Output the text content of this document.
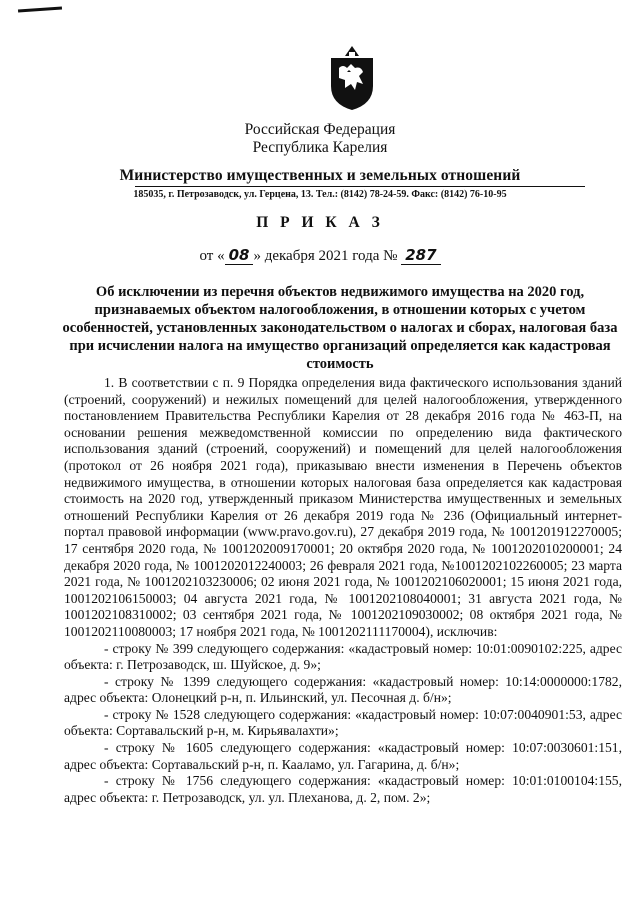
Российская Федерация
Республика Карелия
Министерство имущественных и земельных отношений
185035, г. Петрозаводск, ул. Герцена, 13. Тел.: (8142) 78-24-59. Факс: (8142) 76-10-95
П Р И К А З
от « 08 » декабря 2021 года № 287
Об исключении из перечня объектов недвижимого имущества на 2020 год, признаваемых объектом налогообложения, в отношении которых с учетом особенностей, установленных законодательством о налогах и сборах, налоговая база при исчислении налога на имущество организаций определяется как кадастровая стоимость

1. В соответствии с п. 9 Порядка определения вида фактического использования зданий (строений, сооружений) и нежилых помещений для целей налогообложения, утвержденного постановлением Правительства Республики Карелия от 28 декабря 2016 года № 463-П, на основании решения межведомственной комиссии по определению вида фактического использования зданий (строений, сооружений) и помещений для целей налогообложения (протокол от 26 ноября 2021 года), приказываю внести изменения в Перечень объектов недвижимого имущества, в отношении которых налоговая база определяется как кадастровая стоимость на 2020 год, утвержденный приказом Министерства имущественных и земельных отношений Республики Карелия от 26 декабря 2019 года № 236 (Официальный интернет-портал правовой информации (www.pravo.gov.ru), 27 декабря 2019 года, № 1001201912270005; 17 сентября 2020 года, № 1001202009170001; 20 октября 2020 года, № 1001202010200001; 24 декабря 2020 года, № 1001202012240003; 26 февраля 2021 года, №1001202102260005; 23 марта 2021 года, № 1001202103230006; 02 июня 2021 года, № 1001202106020001; 15 июня 2021 года, 1001202106150003; 04 августа 2021 года, № 1001202108040001; 31 августа 2021 года, № 1001202108310002; 03 сентября 2021 года, № 1001202109030002; 08 октября 2021 года, № 1001202110080003; 17 ноября 2021 года, № 1001202111170004), исключив:

- строку № 399 следующего содержания: «кадастровый номер: 10:01:0090102:225, адрес объекта: г. Петрозаводск, ш. Шуйское, д. 9»;

- строку № 1399 следующего содержания: «кадастровый номер: 10:14:0000000:1782, адрес объекта: Олонецкий р-н, п. Ильинский, ул. Песочная д. б/н»;

- строку № 1528 следующего содержания: «кадастровый номер: 10:07:0040901:53, адрес объекта: Сортавальский р-н, м. Кирьявалахти»;

- строку № 1605 следующего содержания: «кадастровый номер: 10:07:0030601:151, адрес объекта: Сортавальский р-н, п. Кааламо, ул. Гагарина, д. б/н»;

- строку № 1756 следующего содержания: «кадастровый номер: 10:01:0100104:155, адрес объекта: г. Петрозаводск, ул. ул. Плеханова, д. 2, пом. 2»;
